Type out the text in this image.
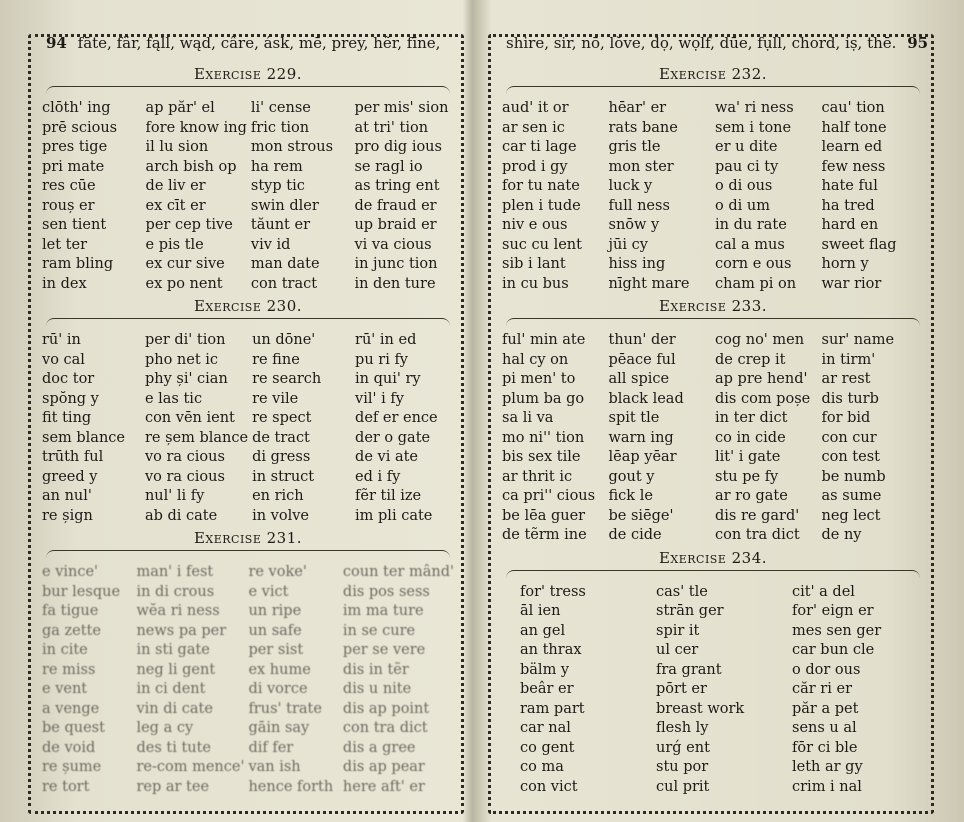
94 fāte, fär, fąll, wąd, câre, ásk, mē, prey, hẽr, fīne,
Exercise 229.
clōth' ing
prē scious
pres tige
pri mate
res cūe
rouș er
sen tient
let ter
ram bling
in dex
ap păr' el
fore know ing
il lu sion
arch bish op
de liv er
ex cīt er
per cep tive
e pis tle
ex cur sive
ex po nent
li' cense
fric tion
mon strous
ha rem
styp tic
swin dler
tăunt er
viv id
man date
con tract
per mis' sion
at tri' tion
pro dig ious
se ragl io
as tring ent
de fraud er
up braid er
vi va cious
in junc tion
in den ture
Exercise 230.
rū' in
vo cal
doc tor
spŏng y
fit ting
sem blance
trūth ful
greed y
an nul'
re șign
per di' tion
pho net ic
phy și' cian
e las tic
con vēn ient
re șem blance
vo ra cious
vo ra cious
nul' li fy
ab di cate
un dōne'
re fine
re search
re vile
re spect
de tract
di gress
in struct
en rich
in volve
rū' in ed
pu ri fy
in qui' ry
vil' i fy
def er ence
der o gate
de vi ate
ed i fy
fẽr til ize
im pli cate
Exercise 231.
e vince'
bur lesque
fa tigue
ga zette
in cite
re miss
e vent
a venge
be quest
de void
re șume
re tort
man' i fest
in di crous
wĕa ri ness
news pa per
in sti gate
neg li gent
in ci dent
vin di cate
leg a cy
des ti tute
re-com mence'
rep ar tee
re voke'
e vict
un ripe
un safe
per sist
ex hume
di vorce
frus' trate
gāin say
dif fer
van ish
hence forth
coun ter mând'
dis pos sess
im ma ture
in se cure
per se vere
dis in tẽr
dis u nite
dis ap point
con tra dict
dis a gree
dis ap pear
here aft' er
shire, sir, nō, lŏve, dọ, wọlf, dūe, fụll, chord, iṣ, thē. 95
Exercise 232.
aud' it or
ar sen ic
car ti lage
prod i gy
for tu nate
plen i tude
niv e ous
suc cu lent
sib i lant
in cu bus
hēar' er
rats bane
gris tle
mon ster
luck y
full ness
snōw y
jūi cy
hiss ing
nīght mare
wa' ri ness
sem i tone
er u dite
pau ci ty
o di ous
o di um
in du rate
cal a mus
corn e ous
cham pi on
cau' tion
half tone
learn ed
few ness
hate ful
ha tred
hard en
sweet flag
horn y
war rior
Exercise 233.
ful' min ate
hal cy on
pi men' to
plum ba go
sa li va
mo ni'' tion
bis sex tile
ar thrit ic
ca pri'' cious
be lēa guer
de tẽrm ine
thun' der
pēace ful
all spice
black lead
spit tle
warn ing
lēap yēar
gout y
fick le
be siēge'
de cide
cog no' men
de crep it
ap pre hend'
dis com poșe
in ter dict
co in cide
lit' i gate
stu pe fy
ar ro gate
dis re gard'
con tra dict
sur' name
in tirm'
ar rest
dis turb
for bid
con cur
con test
be numb
as sume
neg lect
de ny
Exercise 234.
for' tress
āl ien
an gel
an thrax
bälm y
beâr er
ram part
car nal
co gent
co ma
con vict
cas' tle
strān ger
spir it
ul cer
fra grant
pōrt er
breast work
flesh ly
urǵ ent
stu por
cul prit
cit' a del
for' eign er
mes sen ger
car bun cle
o dor ous
căr ri er
păr a pet
sens u al
fōr ci ble
leth ar gy
crim i nal
